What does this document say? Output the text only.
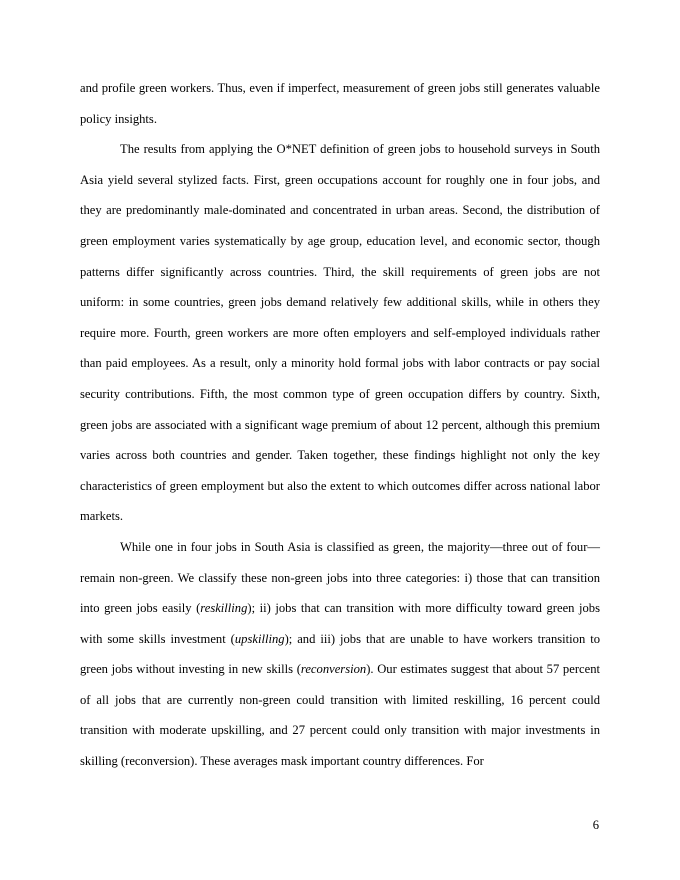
and profile green workers. Thus, even if imperfect, measurement of green jobs still generates valuable policy insights.

The results from applying the O*NET definition of green jobs to household surveys in South Asia yield several stylized facts. First, green occupations account for roughly one in four jobs, and they are predominantly male-dominated and concentrated in urban areas. Second, the distribution of green employment varies systematically by age group, education level, and economic sector, though patterns differ significantly across countries. Third, the skill requirements of green jobs are not uniform: in some countries, green jobs demand relatively few additional skills, while in others they require more. Fourth, green workers are more often employers and self-employed individuals rather than paid employees. As a result, only a minority hold formal jobs with labor contracts or pay social security contributions. Fifth, the most common type of green occupation differs by country. Sixth, green jobs are associated with a significant wage premium of about 12 percent, although this premium varies across both countries and gender. Taken together, these findings highlight not only the key characteristics of green employment but also the extent to which outcomes differ across national labor markets.

While one in four jobs in South Asia is classified as green, the majority—three out of four—remain non-green. We classify these non-green jobs into three categories: i) those that can transition into green jobs easily (reskilling); ii) jobs that can transition with more difficulty toward green jobs with some skills investment (upskilling); and iii) jobs that are unable to have workers transition to green jobs without investing in new skills (reconversion). Our estimates suggest that about 57 percent of all jobs that are currently non-green could transition with limited reskilling, 16 percent could transition with moderate upskilling, and 27 percent could only transition with major investments in skilling (reconversion). These averages mask important country differences. For

6
